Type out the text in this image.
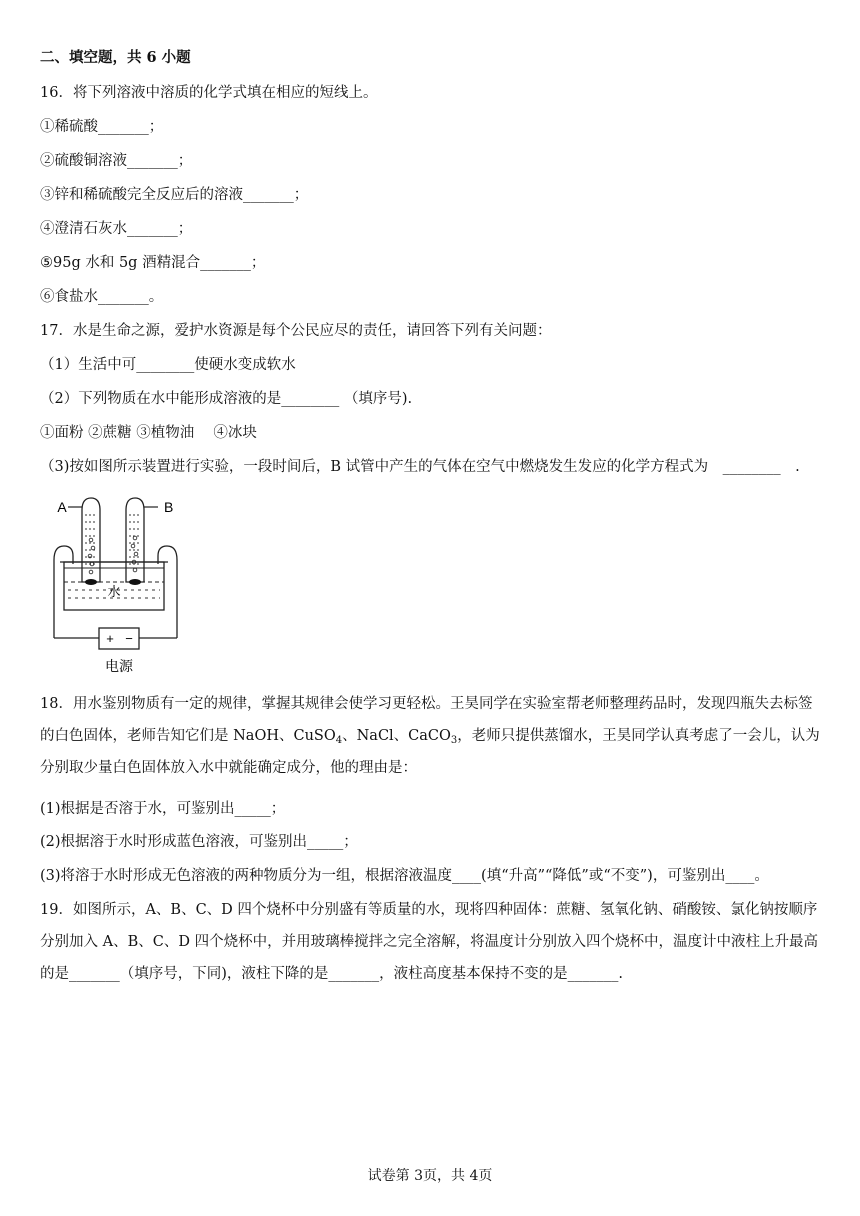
二、填空题，共 6 小题
16．将下列溶液中溶质的化学式填在相应的短线上。
①稀硫酸_______；
②硫酸铜溶液_______；
③锌和稀硫酸完全反应后的溶液_______；
④澄清石灰水_______；
⑤95g 水和 5g 酒精混合_______；
⑥食盐水_______。
17．水是生命之源，爱护水资源是每个公民应尽的责任，请回答下列有关问题：
（1）生活中可________使硬水变成软水
（2）下列物质在水中能形成溶液的是________ （填序号).
①面粉 ②蔗糖 ③植物油　 ④冰块
（3)按如图所示装置进行实验，一段时间后，B 试管中产生的气体在空气中燃烧发生发应的化学方程式为　________　.
A	B
水
+ −
电源

18．用水鉴别物质有一定的规律，掌握其规律会使学习更轻松。王昊同学在实验室帮老师整理药品时，发现四瓶失去标签的白色固体，老师告知它们是 NaOH、CuSO$_4$、NaCl、CaCO$_3$，老师只提供蒸馏水，王昊同学认真考虑了一会儿，认为分别取少量白色固体放入水中就能确定成分，他的理由是：

(1)根据是否溶于水，可鉴别出_____；
(2)根据溶于水时形成蓝色溶液，可鉴别出_____；
(3)将溶于水时形成无色溶液的两种物质分为一组，根据溶液温度____(填“升高”“降低”或“不变”)，可鉴别出____。

19．如图所示，A、B、C、D 四个烧杯中分别盛有等质量的水，现将四种固体：蔗糖、氢氧化钠、硝酸铵、氯化钠按顺序分别加入 A、B、C、D 四个烧杯中，并用玻璃棒搅拌之完全溶解，将温度计分别放入四个烧杯中，温度计中液柱上升最高的是_______（填序号，下同)，液柱下降的是_______，液柱高度基本保持不变的是_______.

试卷第 3页，共 4页
